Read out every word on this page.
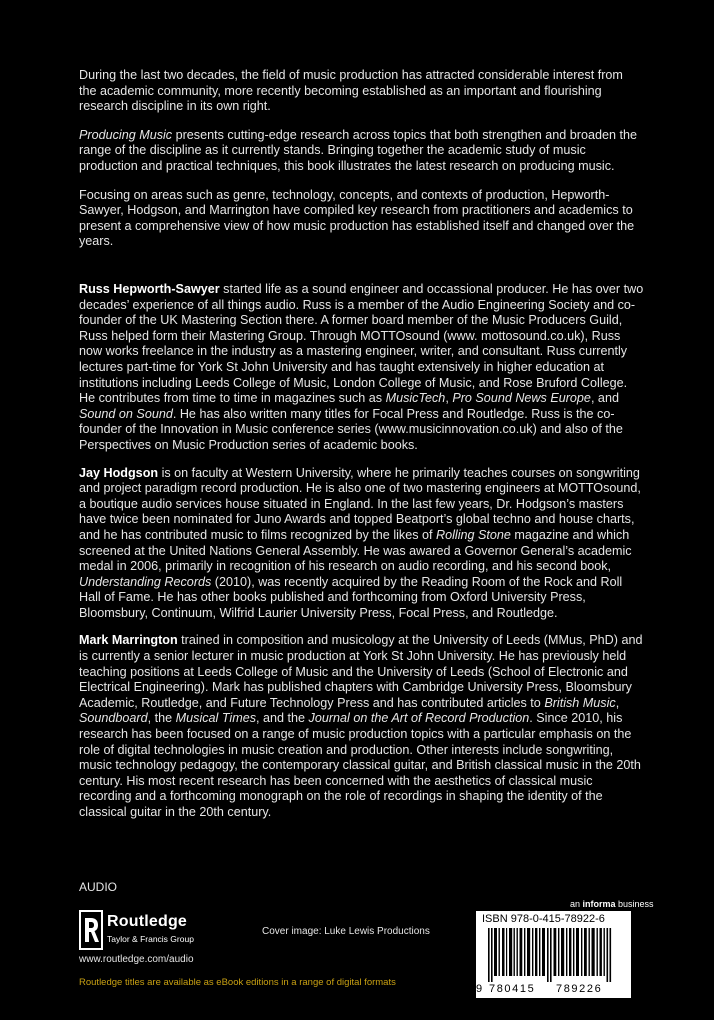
During the last two decades, the field of music production has attracted considerable interest from the academic community, more recently becoming established as an important and flourishing research discipline in its own right.

Producing Music presents cutting-edge research across topics that both strengthen and broaden the range of the discipline as it currently stands. Bringing together the academic study of music production and practical techniques, this book illustrates the latest research on producing music.

Focusing on areas such as genre, technology, concepts, and contexts of production, Hepworth-Sawyer, Hodgson, and Marrington have compiled key research from practitioners and academics to present a comprehensive view of how music production has established itself and changed over the years.

Russ Hepworth-Sawyer started life as a sound engineer and occassional producer. He has over two decades’ experience of all things audio. Russ is a member of the Audio Engineering Society and co-founder of the UK Mastering Section there. A former board member of the Music Producers Guild, Russ helped form their Mastering Group. Through MOTTOsound (www. mottosound.co.uk), Russ now works freelance in the industry as a mastering engineer, writer, and consultant. Russ currently lectures part-time for York St John University and has taught extensively in higher education at institutions including Leeds College of Music, London College of Music, and Rose Bruford College. He contributes from time to time in magazines such as MusicTech, Pro Sound News Europe, and Sound on Sound. He has also written many titles for Focal Press and Routledge. Russ is the co-founder of the Innovation in Music conference series (www.musicinnovation.co.uk) and also of the Perspectives on Music Production series of academic books.

Jay Hodgson is on faculty at Western University, where he primarily teaches courses on songwriting and project paradigm record production. He is also one of two mastering engineers at MOTTOsound, a boutique audio services house situated in England. In the last few years, Dr. Hodgson’s masters have twice been nominated for Juno Awards and topped Beatport’s global techno and house charts, and he has contributed music to films recognized by the likes of Rolling Stone magazine and which screened at the United Nations General Assembly. He was awared a Governor General’s academic medal in 2006, primarily in recognition of his research on audio recording, and his second book, Understanding Records (2010), was recently acquired by the Reading Room of the Rock and Roll Hall of Fame. He has other books published and forthcoming from Oxford University Press, Bloomsbury, Continuum, Wilfrid Laurier University Press, Focal Press, and Routledge.

Mark Marrington trained in composition and musicology at the University of Leeds (MMus, PhD) and is currently a senior lecturer in music production at York St John University. He has previously held teaching positions at Leeds College of Music and the University of Leeds (School of Electronic and Electrical Engineering). Mark has published chapters with Cambridge University Press, Bloomsbury Academic, Routledge, and Future Technology Press and has contributed articles to British Music, Soundboard, the Musical Times, and the Journal on the Art of Record Production. Since 2010, his research has been focused on a range of music production topics with a particular emphasis on the role of digital technologies in music creation and production. Other interests include songwriting, music technology pedagogy, the contemporary classical guitar, and British classical music in the 20th century. His most recent research has been concerned with the aesthetics of classical music recording and a forthcoming monograph on the role of recordings in shaping the identity of the classical guitar in the 20th century.

AUDIO
Routledge
Taylor & Francis Group
www.routledge.com/audio
Cover image: Luke Lewis Productions
an informa business
ISBN 978-0-415-78922-6
9 780415 789226
Routledge titles are available as eBook editions in a range of digital formats
